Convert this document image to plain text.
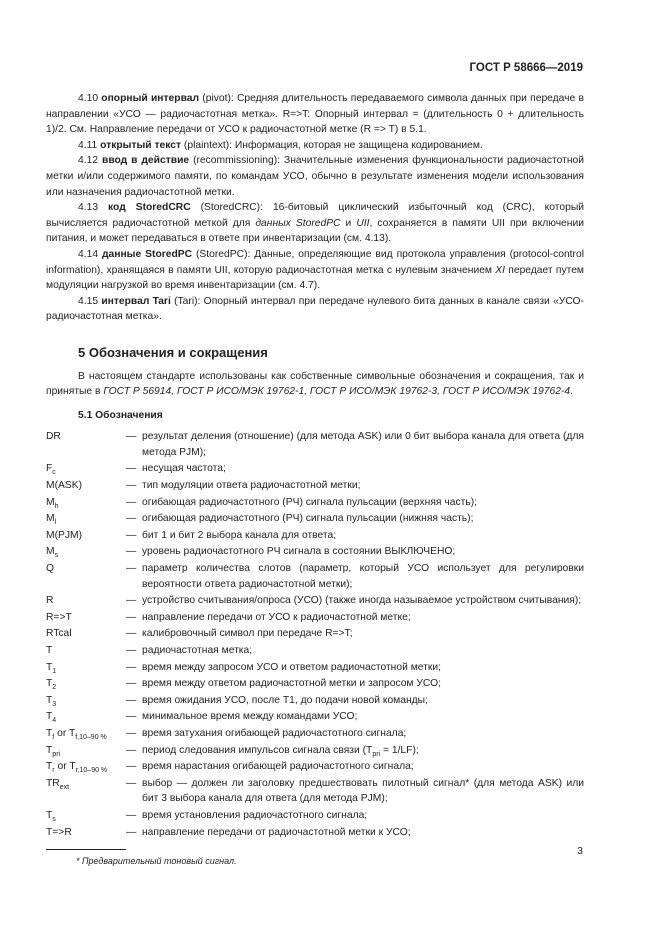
ГОСТ Р 58666—2019

4.10 опорный интервал (pivot): Средняя длительность передаваемого символа данных при передаче в направлении «УСО — радиочастотная метка». R=>T: Опорный интервал = (длительность 0 + длительность 1)/2. См. Направление передачи от УСО к радиочастотной метке (R => T) в 5.1.

4.11 открытый текст (plaintext): Информация, которая не защищена кодированием.

4.12 ввод в действие (recommissioning): Значительные изменения функциональности радиочастотной метки и/или содержимого памяти, по командам УСО, обычно в результате изменения модели использования или назначения радиочастотной метки.

4.13 код StoredCRC (StoredCRC): 16-битовый циклический избыточный код (CRC), который вычисляется радиочастотной меткой для данных StoredPC и UII, сохраняется в памяти UII при включении питания, и может передаваться в ответе при инвентаризации (см. 4.13).

4.14 данные StoredPC (StoredPC): Данные, определяющие вид протокола управления (protocol-control information), хранящаяся в памяти UII, которую радиочастотная метка с нулевым значением XI передает путем модуляции нагрузкой во время инвентаризации (см. 4.7).

4.15 интервал Tari (Tari): Опорный интервал при передаче нулевого бита данных в канале связи «УСО-радиочастотная метка».

5 Обозначения и сокращения

В настоящем стандарте использованы как собственные символьные обозначения и сокращения, так и принятые в ГОСТ Р 56914, ГОСТ Р ИСО/МЭК 19762-1, ГОСТ Р ИСО/МЭК 19762-3, ГОСТ Р ИСО/МЭК 19762-4.

5.1 Обозначения
DR	— результат деления (отношение) (для метода ASK) или 0 бит выбора канала для ответа (для метода PJM);
$F_c$	— несущая частота;
M(ASK)	— тип модуляции ответа радиочастотной метки;
$M_h$	— огибающая радиочастотного (РЧ) сигнала пульсации (верхняя часть);
$M_l$	— огибающая радиочастотного (РЧ) сигнала пульсации (нижняя часть);
M(PJM)	— бит 1 и бит 2 выбора канала для ответа;
$M_s$	— уровень радиочастотного РЧ сигнала в состоянии ВЫКЛЮЧЕНО;
Q	— параметр количества слотов (параметр, который УСО использует для регулировки вероятности ответа радиочастотной метки);
R	— устройство считывания/опроса (УСО) (также иногда называемое устройством считывания);
R=>T	— направление передачи от УСО к радиочастотной метке;
RTcal	— калибровочный символ при передаче R=>T;
T	— радиочастотная метка;
$T_1$	— время между запросом УСО и ответом радиочастотной метки;
$T_2$	— время между ответом радиочастотной метки и запросом УСО;
$T_3$	— время ожидания УСО, после T1, до подачи новой команды;
$T_4$	— минимальное время между командами УСО;
$T_f$ or $T_{f,10-90 \%}$	— время затухания огибающей радиочастотного сигнала;
$T_{pri}$	— период следования импульсов сигнала связи $(T_{pri} = 1/LF)$;
$T_r$ or $T_{r,10-90 \%}$	— время нарастания огибающей радиочастотного сигнала;
$TR_{ext}$	— выбор — должен ли заголовку предшествовать пилотный сигнал* (для метода ASK) или бит 3 выбора канала для ответа (для метода PJM);
$T_s$	— время установления радиочастотного сигнала;
T=>R	— направление передачи от радиочастотной метки к УСО;
* Предварительный тоновый сигнал.
3
